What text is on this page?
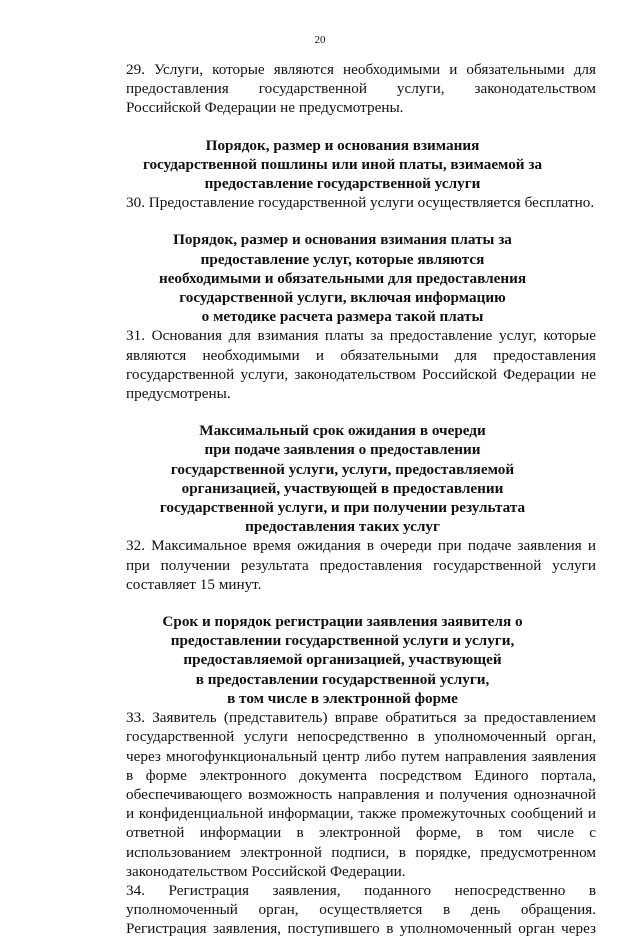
20

29. Услуги, которые являются необходимыми и обязательными для предоставления государственной услуги, законодательством Российской Федерации не предусмотрены.

Порядок, размер и основания взимания
государственной пошлины или иной платы, взимаемой за
предоставление государственной услуги

30. Предоставление государственной услуги осуществляется бесплатно.

Порядок, размер и основания взимания платы за
предоставление услуг, которые являются
необходимыми и обязательными для предоставления
государственной услуги, включая информацию
о методике расчета размера такой платы

31. Основания для взимания платы за предоставление услуг, которые являются необходимыми и обязательными для предоставления государственной услуги, законодательством Российской Федерации не предусмотрены.

Максимальный срок ожидания в очереди
при подаче заявления о предоставлении
государственной услуги, услуги, предоставляемой
организацией, участвующей в предоставлении
государственной услуги, и при получении результата
предоставления таких услуг

32. Максимальное время ожидания в очереди при подаче заявления и при получении результата предоставления государственной услуги составляет 15 минут.

Срок и порядок регистрации заявления заявителя о
предоставлении государственной услуги и услуги,
предоставляемой организацией, участвующей
в предоставлении государственной услуги,
в том числе в электронной форме

33. Заявитель (представитель) вправе обратиться за предоставлением государственной услуги непосредственно в уполномоченный орган, через многофункциональный центр либо путем направления заявления в форме электронного документа посредством Единого портала, обеспечивающего возможность направления и получения однозначной и конфиденциальной информации, также промежуточных сообщений и ответной информации в электронной форме, в том числе с использованием электронной подписи, в порядке, предусмотренном законодательством Российской Федерации.

34. Регистрация заявления, поданного непосредственно в уполномоченный орган, осуществляется в день обращения. Регистрация заявления, поступившего в уполномоченный орган через
